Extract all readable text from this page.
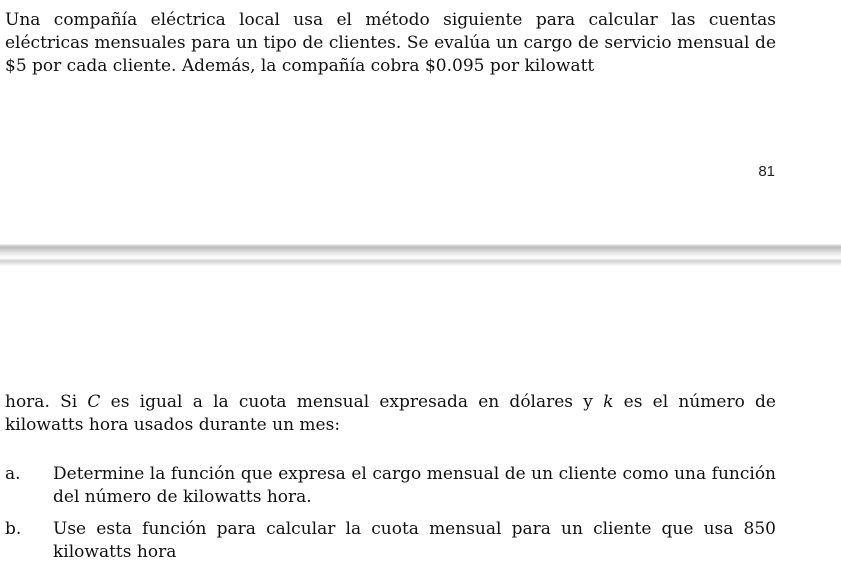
Una compañía eléctrica local usa el método siguiente para calcular las cuentas eléctricas mensuales para un tipo de clientes. Se evalúa un cargo de servicio mensual de $5 por cada cliente. Además, la compañía cobra $0.095 por kilowatt

81

hora. Si C es igual a la cuota mensual expresada en dólares y k es el número de kilowatts hora usados durante un mes:

a. Determine la función que expresa el cargo mensual de un cliente como una función del número de kilowatts hora.
b. Use esta función para calcular la cuota mensual para un cliente que usa 850 kilowatts hora
